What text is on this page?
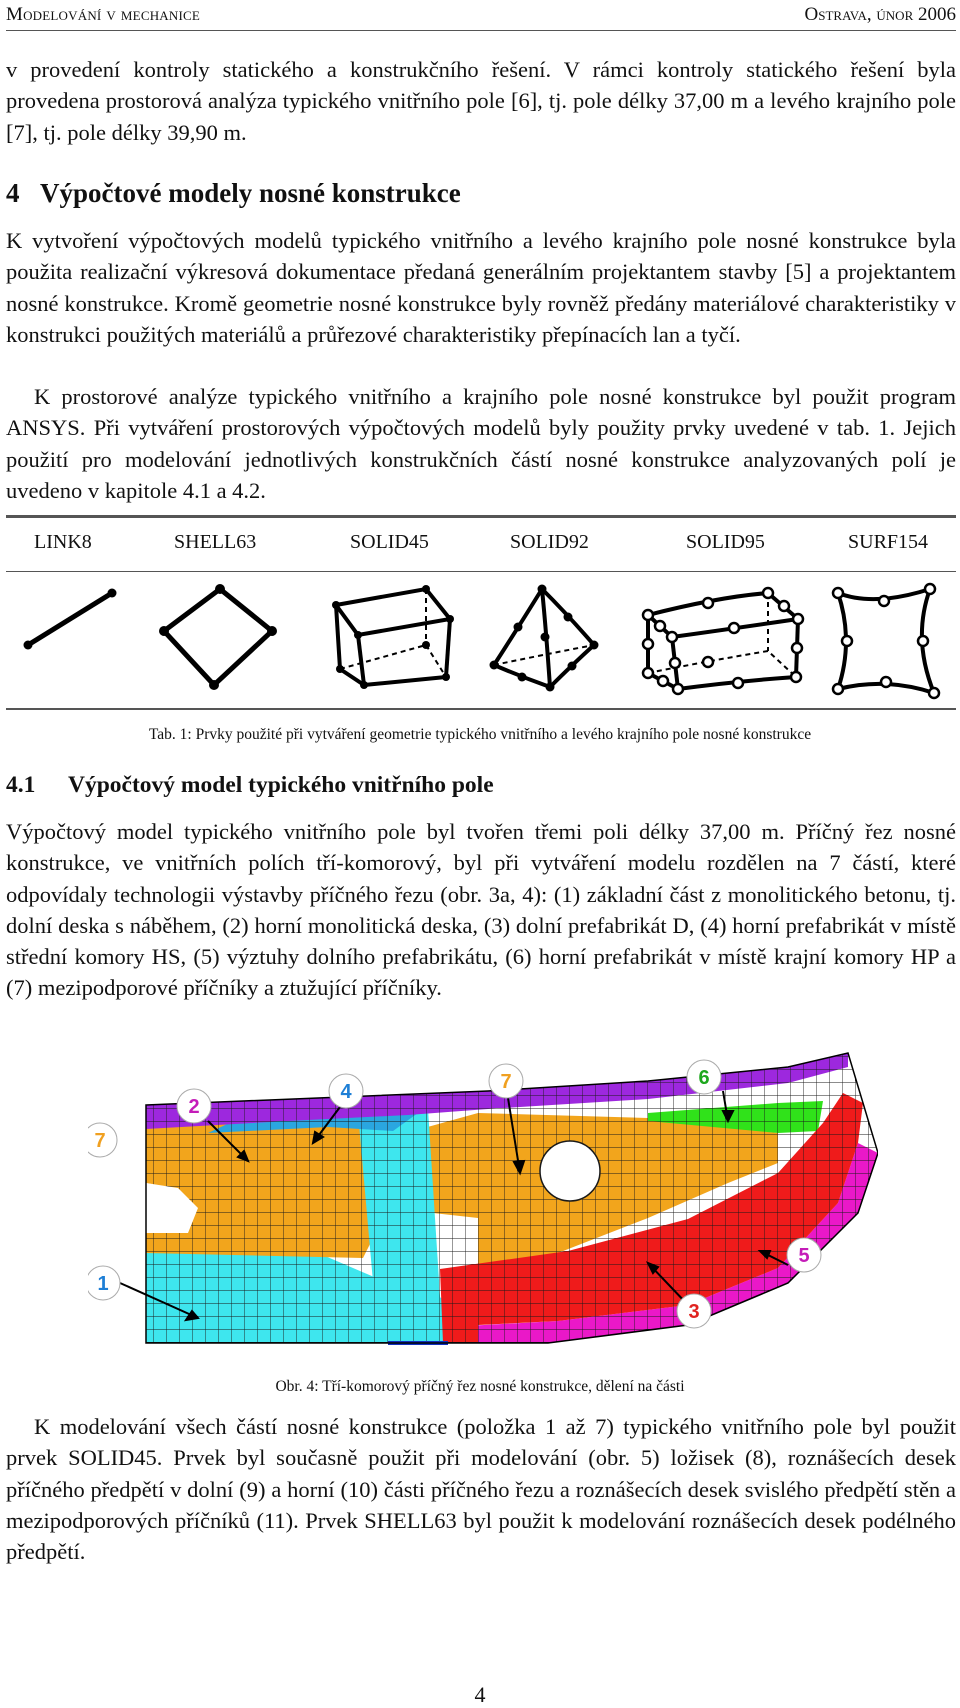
Modelování v mechanice	Ostrava, únor 2006

v provedení kontroly statického a konstrukčního řešení. V rámci kontroly statického řešení byla provedena prostorová analýza typického vnitřního pole [6], tj. pole délky 37,00 m a levého krajního pole [7], tj. pole délky 39,90 m.

4 Výpočtové modely nosné konstrukce

K vytvoření výpočtových modelů typického vnitřního a levého krajního pole nosné konstrukce byla použita realizační výkresová dokumentace předaná generálním projektantem stavby [5] a projektantem nosné konstrukce. Kromě geometrie nosné konstrukce byly rovněž předány materiálové charakteristiky v konstrukci použitých materiálů a průřezové charakteristiky přepínacích lan a tyčí.

K prostorové analýze typického vnitřního a krajního pole nosné konstrukce byl použit program ANSYS. Při vytváření prostorových výpočtových modelů byly použity prvky uvedené v tab. 1. Jejich použití pro modelování jednotlivých konstrukčních částí nosné konstrukce analyzovaných polí je uvedeno v kapitole 4.1 a 4.2.

LINK8	SHELL63	SOLID45	SOLID92	SOLID95	SURF154
Tab. 1: Prvky použité při vytváření geometrie typického vnitřního a levého krajního pole nosné konstrukce
4.1 Výpočtový model typického vnitřního pole

Výpočtový model typického vnitřního pole byl tvořen třemi poli délky 37,00 m. Příčný řez nosné konstrukce, ve vnitřních polích tří-komorový, byl při vytváření modelu rozdělen na 7 částí, které odpovídaly technologii výstavby příčného řezu (obr. 3a, 4): (1) základní část z monolitického betonu, tj. dolní deska s náběhem, (2) horní monolitická deska, (3) dolní prefabrikát D, (4) horní prefabrikát v místě střední komory HS, (5) výztuhy dolního prefabrikátu, (6) horní prefabrikát v místě krajní komory HP a (7) mezipodporové příčníky a ztužující příčníky.

1
2
3
4
5
6
7
7
Obr. 4: Tří-komorový příčný řez nosné konstrukce, dělení na části

K modelování všech částí nosné konstrukce (položka 1 až 7) typického vnitřního pole byl použit prvek SOLID45. Prvek byl současně použit při modelování (obr. 5) ložisek (8), roznášecích desek příčného předpětí v dolní (9) a horní (10) části příčného řezu a roznášecích desek svislého předpětí stěn a mezipodporových příčníků (11). Prvek SHELL63 byl použit k modelování roznášecích desek podélného předpětí.

4
